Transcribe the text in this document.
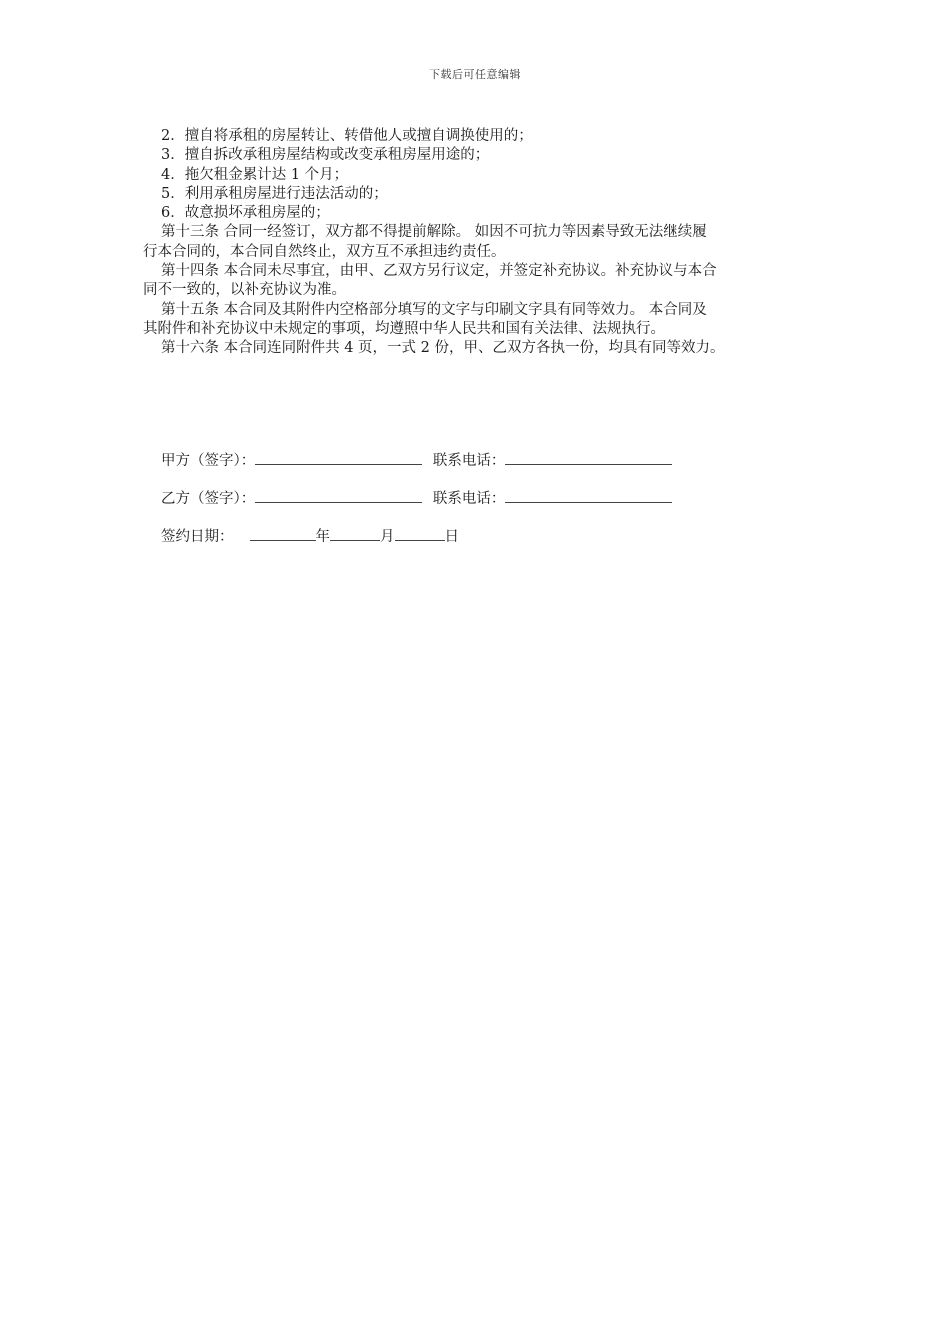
下载后可任意编辑
2．擅自将承租的房屋转让、转借他人或擅自调换使用的；
3．擅自拆改承租房屋结构或改变承租房屋用途的；
4．拖欠租金累计达 1 个月；
5．利用承租房屋进行违法活动的；
6．故意损坏承租房屋的；
第十三条 合同一经签订，双方都不得提前解除。 如因不可抗力等因素导致无法继续履
行本合同的，本合同自然终止，双方互不承担违约责任。
第十四条 本合同未尽事宜，由甲、乙双方另行议定，并签定补充协议。补充协议与本合
同不一致的，以补充协议为准。
第十五条 本合同及其附件内空格部分填写的文字与印刷文字具有同等效力。 本合同及
其附件和补充协议中未规定的事项，均遵照中华人民共和国有关法律、法规执行。
第十六条 本合同连同附件共 4 页，一式 2 份，甲、乙双方各执一份，均具有同等效力。
甲方（签字）：	联系电话：
乙方（签字）：	联系电话：
签约日期：	年	月	日
